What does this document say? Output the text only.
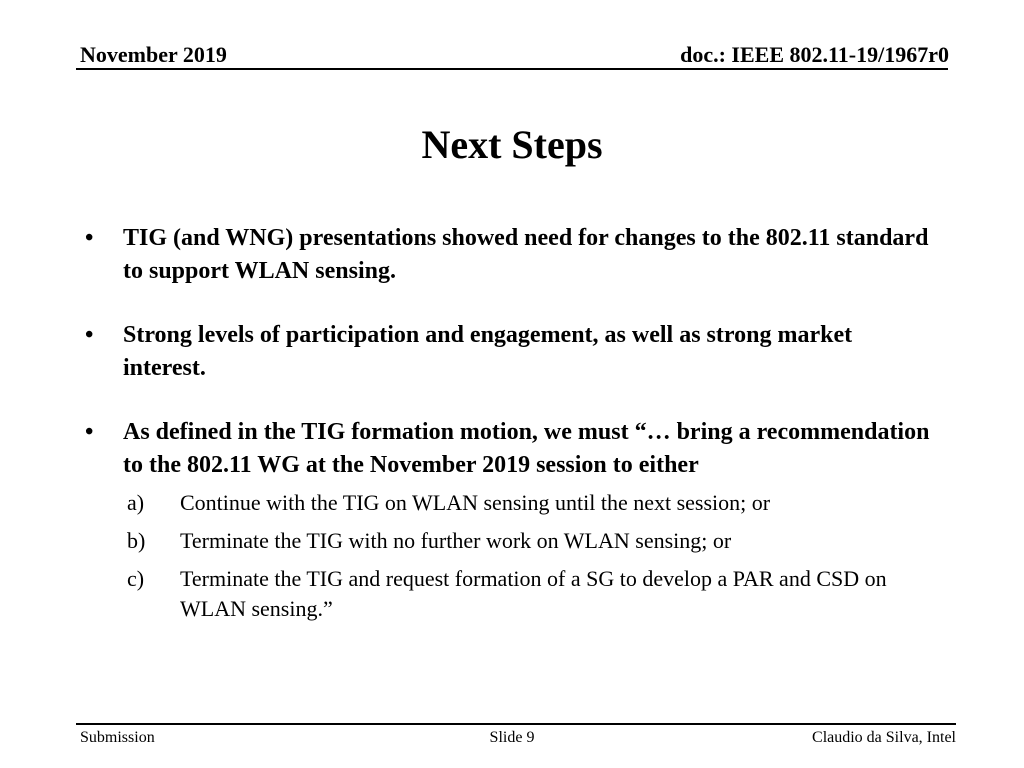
November 2019	doc.: IEEE 802.11-19/1967r0
Next Steps
• TIG (and WNG) presentations showed need for changes to the 802.11 standard to support WLAN sensing.
• Strong levels of participation and engagement, as well as strong market interest.
• As defined in the TIG formation motion, we must “… bring a recommendation to the 802.11 WG at the November 2019 session to either
a) Continue with the TIG on WLAN sensing until the next session; or
b) Terminate the TIG with no further work on WLAN sensing; or
c) Terminate the TIG and request formation of a SG to develop a PAR and CSD on WLAN sensing.”
Submission	Slide 9	Claudio da Silva, Intel
